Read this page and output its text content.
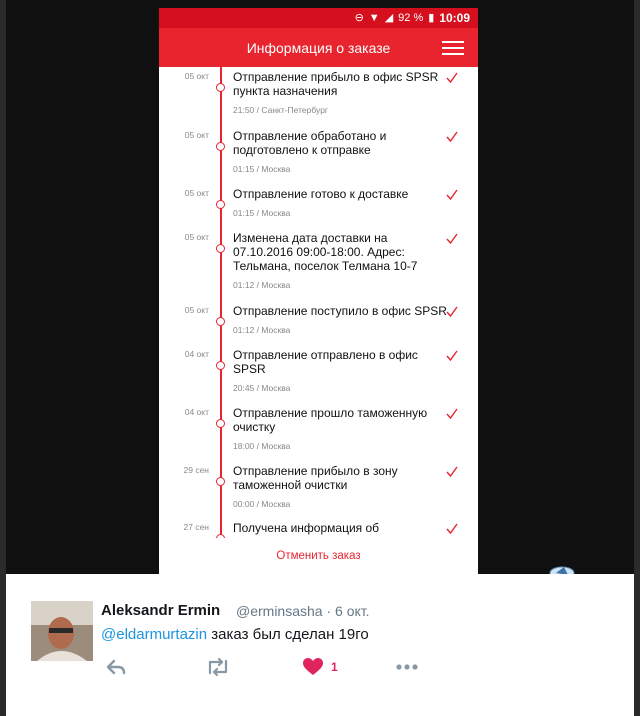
⊖ ▼ ◢ 92 % ▮ 10:09
Информация о заказе
05 окт Отправление прибыло в офис SPSR пункта назначения
21:50 / Санкт-Петербург
05 окт Отправление обработано и подготовлено к отправке
01:15 / Москва
05 окт Отправление готово к доставке
01:15 / Москва
05 окт Изменена дата доставки на 07.10.2016 09:00-18:00. Адрес: Тельмана, поселок Телмана 10-7
01:12 / Москва
05 окт Отправление поступило в офис SPSR
01:12 / Москва
04 окт Отправление отправлено в офис SPSR
20:45 / Москва
04 окт Отправление прошло таможенную очистку
18:00 / Москва
29 сен Отправление прибыло в зону таможенной очистки
00:00 / Москва
27 сен Получена информация об
Отменить заказ
Aleksandr Ermin @erminsasha · 6 окт.
@eldarmurtazin заказ был сделан 19го
1
